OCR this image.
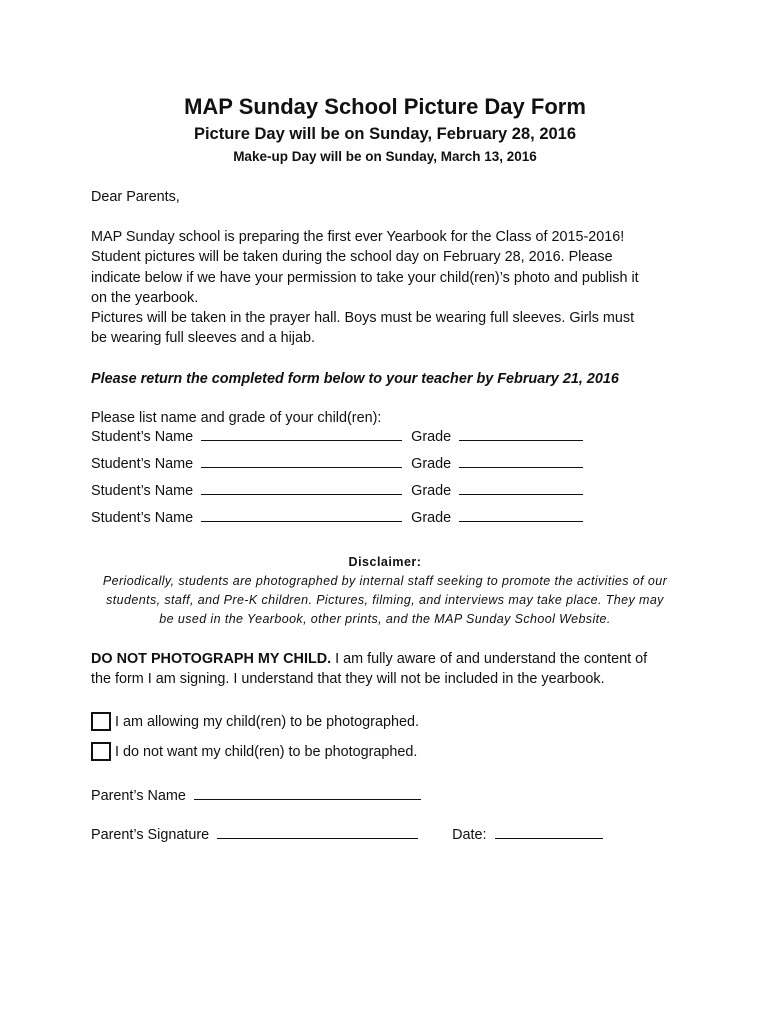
MAP Sunday School Picture Day Form
Picture Day will be on Sunday, February 28, 2016
Make-up Day will be on Sunday, March 13, 2016
Dear Parents,
MAP Sunday school is preparing the first ever Yearbook for the Class of 2015-2016!
Student pictures will be taken during the school day on February 28, 2016. Please
indicate below if we have your permission to take your child(ren)’s photo and publish it
on the yearbook.
Pictures will be taken in the prayer hall. Boys must be wearing full sleeves. Girls must
be wearing full sleeves and a hijab.
Please return the completed form below to your teacher by February 21, 2016
Please list name and grade of your child(ren):
Student’s Name	Grade
Student’s Name	Grade
Student’s Name	Grade
Student’s Name	Grade
Disclaimer:
Periodically, students are photographed by internal staff seeking to promote the activities of our
students, staff, and Pre-K children. Pictures, filming, and interviews may take place. They may
be used in the Yearbook, other prints, and the MAP Sunday School Website.
DO NOT PHOTOGRAPH MY CHILD. I am fully aware of and understand the content of
the form I am signing. I understand that they will not be included in the yearbook.
I am allowing my child(ren) to be photographed.
I do not want my child(ren) to be photographed.
Parent’s Name
Parent’s Signature	Date:
